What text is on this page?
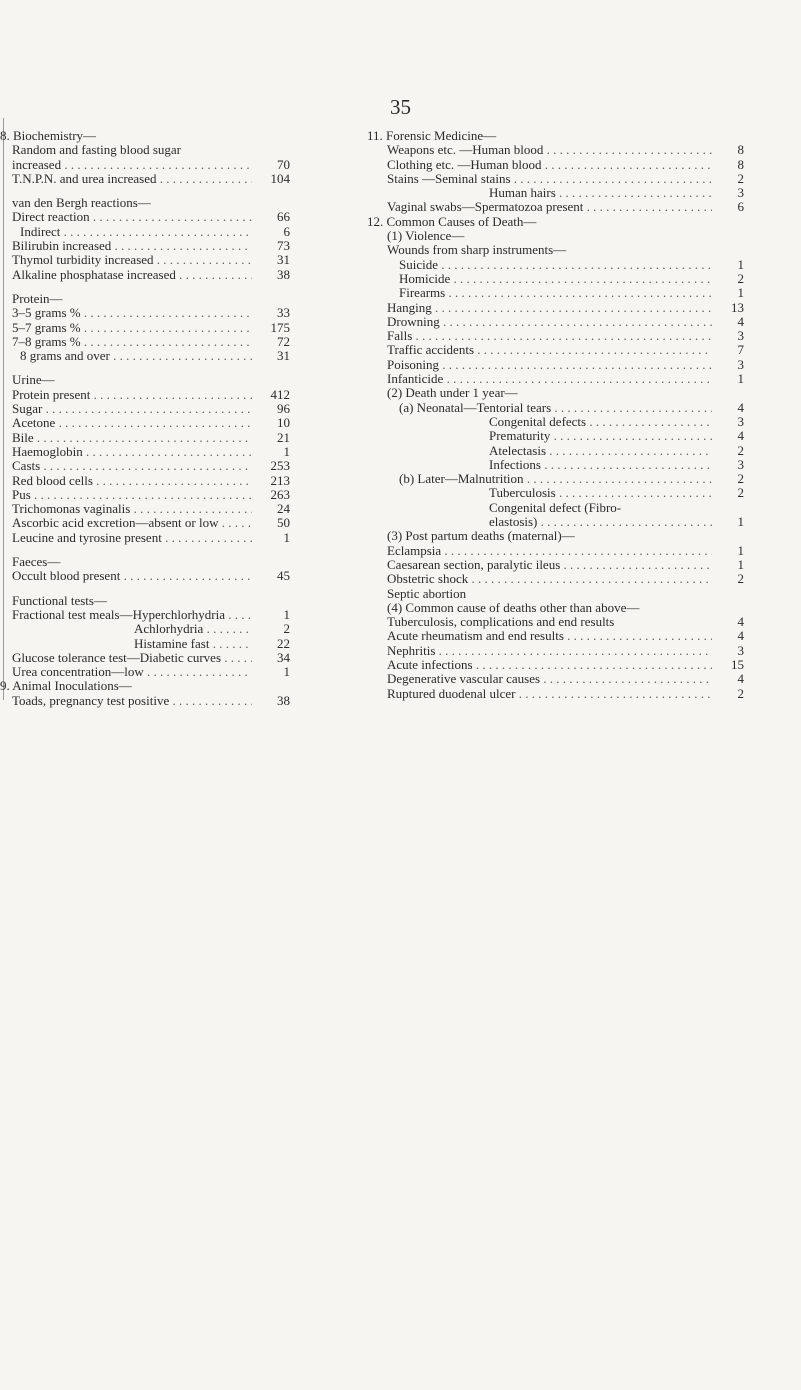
35
8. Biochemistry—
Random and fasting blood sugar
increased . . .	70
T.N.P.N. and urea increased . . .	104
van den Bergh reactions—
Direct reaction . . .	66
Indirect . . .	6
Bilirubin increased . . .	73
Thymol turbidity increased . . .	31
Alkaline phosphatase increased . . .	38
Protein—
3–5 grams % . . .	33
5–7 grams % . . .	175
7–8 grams % . . .	72
8 grams and over . . .	31
Urine—
Protein present . . .	412
Sugar . . .	96
Acetone . . .	10
Bile . . .	21
Haemoglobin . . .	1
Casts . . .	253
Red blood cells . . .	213
Pus . . .	263
Trichomonas vaginalis . . .	24
Ascorbic acid excretion—absent or low . . .	50
Leucine and tyrosine present . . .	1
Faeces—
Occult blood present . . .	45
Functional tests—
Fractional test meals—Hyperchlorhydria . . .	1
Achlorhydria . . .	2
Histamine fast . . .	22
Glucose tolerance test—Diabetic curves . . .	34
Urea concentration—low . . .	1
9. Animal Inoculations—
Toads, pregnancy test positive . . .	38
11. Forensic Medicine—
Weapons etc. —Human blood . . .	8
Clothing etc. —Human blood . . .	8
Stains —Seminal stains . . .	2
Human hairs . . .	3
Vaginal swabs—Spermatozoa present . . .	6
12. Common Causes of Death—
(1) Violence—
Wounds from sharp instruments—
Suicide . . .	1
Homicide . . .	2
Firearms . . .	1
Hanging . . .	13
Drowning . . .	4
Falls . . .	3
Traffic accidents . . .	7
Poisoning . . .	3
Infanticide . . .	1
(2) Death under 1 year—
(a) Neonatal—Tentorial tears . . .	4
Congenital defects . . .	3
Prematurity . . .	4
Atelectasis . . .	2
Infections . . .	3
(b) Later—Malnutrition . . .	2
Tuberculosis . . .	2
Congenital defect (Fibro-
elastosis) . . .	1
(3) Post partum deaths (maternal)—
Eclampsia . . .	1
Caesarean section, paralytic ileus . . .	1
Obstetric shock . . .	2
Septic abortion
(4) Common cause of deaths other than above—
Tuberculosis, complications and end results	4
Acute rheumatism and end results . . .	4
Nephritis . . .	3
Acute infections . . .	15
Degenerative vascular causes . . .	4
Ruptured duodenal ulcer . . .	2
